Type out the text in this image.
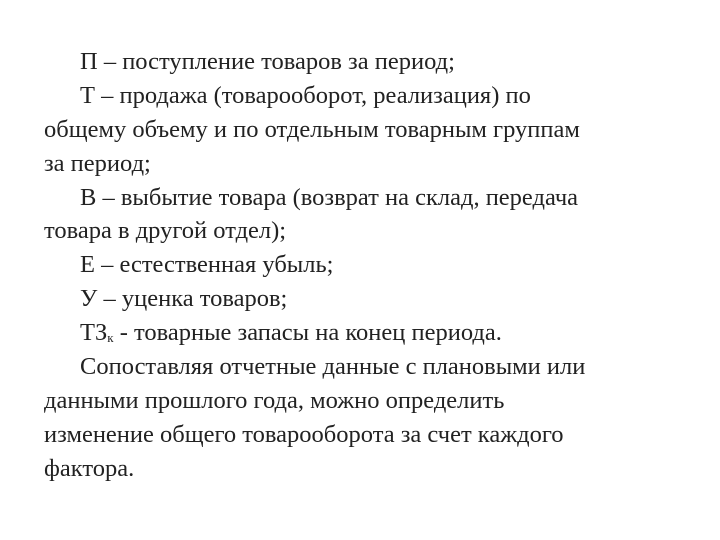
П – поступление товаров за период;
Т – продажа (товарооборот, реализация) по
общему объему и по отдельным товарным группам
за период;
В – выбытие товара (возврат на склад, передача
товара в другой отдел);
Е – естественная убыль;
У – уценка товаров;
ТЗк - товарные запасы на конец периода.
Сопоставляя отчетные данные с плановыми или
данными прошлого года, можно определить
изменение общего товарооборота за счет каждого
фактора.
